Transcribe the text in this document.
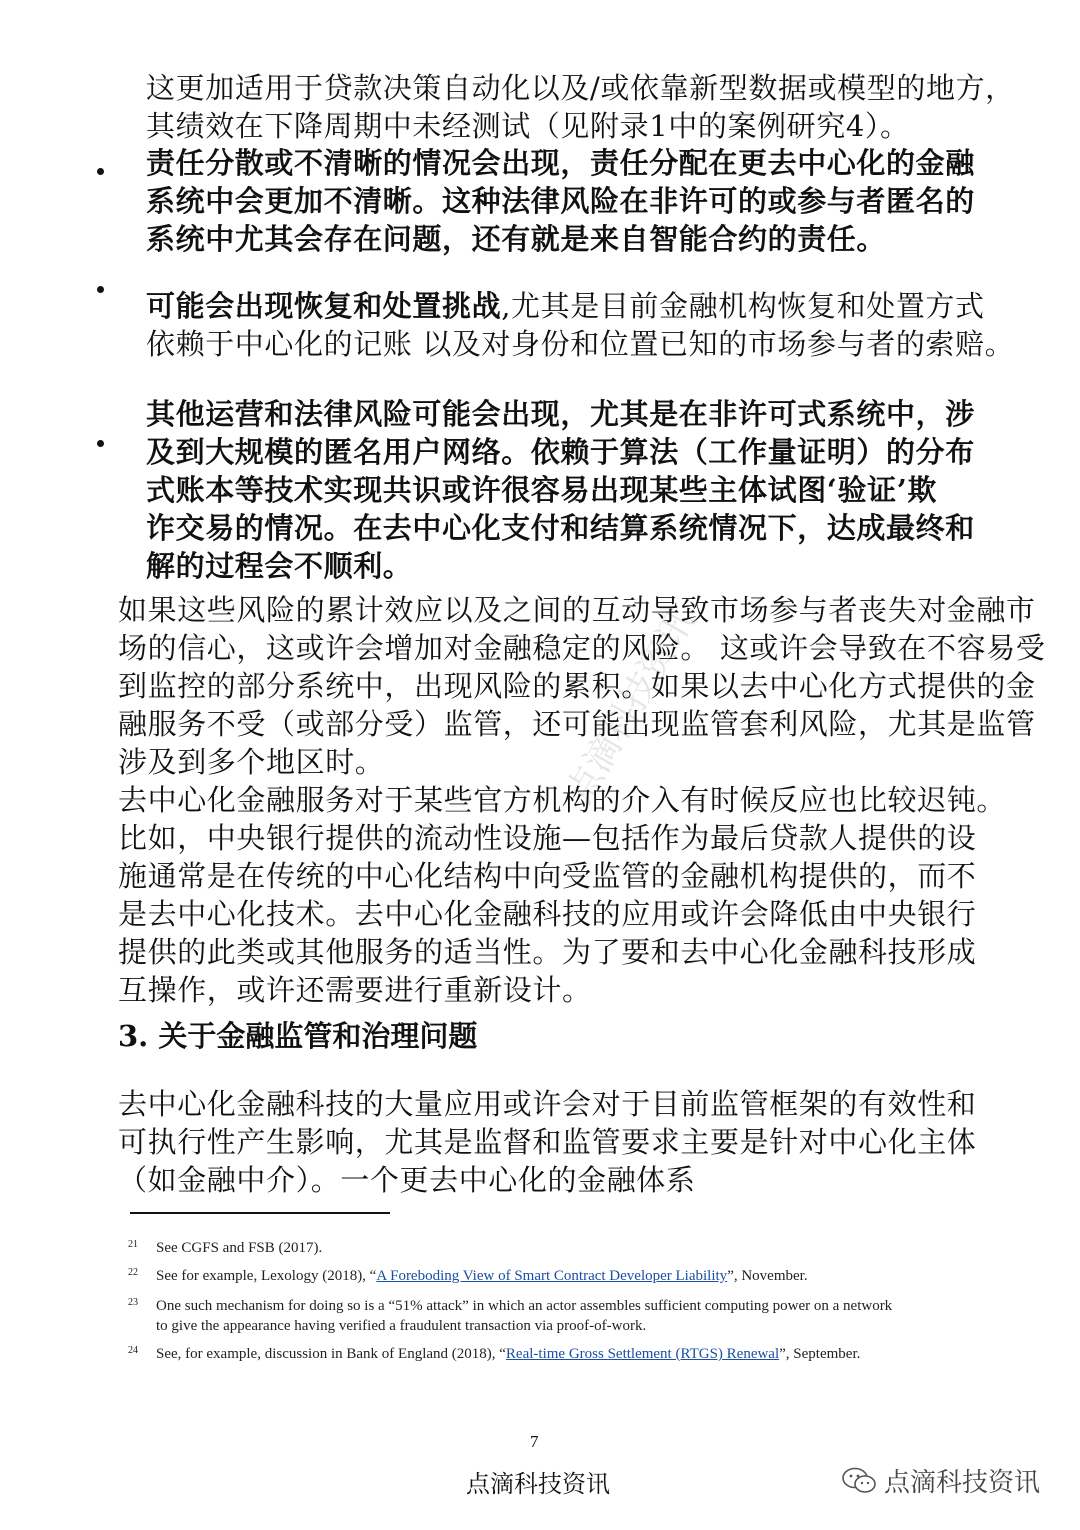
点滴科技资讯
这更加适用于贷款决策自动化以及/或依靠新型数据或模型的地方，
其绩效在下降周期中未经测试（见附录1中的案例研究4）。
责任分散或不清晰的情况会出现，责任分配在更去中心化的金融
系统中会更加不清晰。这种法律风险在非许可的或参与者匿名的
系统中尤其会存在问题，还有就是来自智能合约的责任。
可能会出现恢复和处置挑战,尤其是目前金融机构恢复和处置方式
依赖于中心化的记账 以及对身份和位置已知的市场参与者的索赔。
其他运营和法律风险可能会出现，尤其是在非许可式系统中，涉
及到大规模的匿名用户网络。依赖于算法（工作量证明）的分布
式账本等技术实现共识或许很容易出现某些主体试图‘验证’欺
诈交易的情况。在去中心化支付和结算系统情况下，达成最终和
解的过程会不顺利。
如果这些风险的累计效应以及之间的互动导致市场参与者丧失对金融市
场的信心，这或许会增加对金融稳定的风险。 这或许会导致在不容易受
到监控的部分系统中，出现风险的累积。如果以去中心化方式提供的金
融服务不受（或部分受）监管，还可能出现监管套利风险，尤其是监管
涉及到多个地区时。
去中心化金融服务对于某些官方机构的介入有时候反应也比较迟钝。
比如，中央银行提供的流动性设施—包括作为最后贷款人提供的设
施通常是在传统的中心化结构中向受监管的金融机构提供的，而不
是去中心化技术。去中心化金融科技的应用或许会降低由中央银行
提供的此类或其他服务的适当性。为了要和去中心化金融科技形成
互操作，或许还需要进行重新设计。
3. 关于金融监管和治理问题
去中心化金融科技的大量应用或许会对于目前监管框架的有效性和
可执行性产生影响，尤其是监督和监管要求主要是针对中心化主体
（如金融中介）。一个更去中心化的金融体系
21 See CGFS and FSB (2017).
22 See for example, Lexology (2018), “A Foreboding View of Smart Contract Developer Liability”, November.
23 One such mechanism for doing so is a “51% attack” in which an actor assembles sufficient computing power on a network
to give the appearance having verified a fraudulent transaction via proof-of-work.
24 See, for example, discussion in Bank of England (2018), “Real-time Gross Settlement (RTGS) Renewal”, September.
7
点滴科技资讯	点滴科技资讯
